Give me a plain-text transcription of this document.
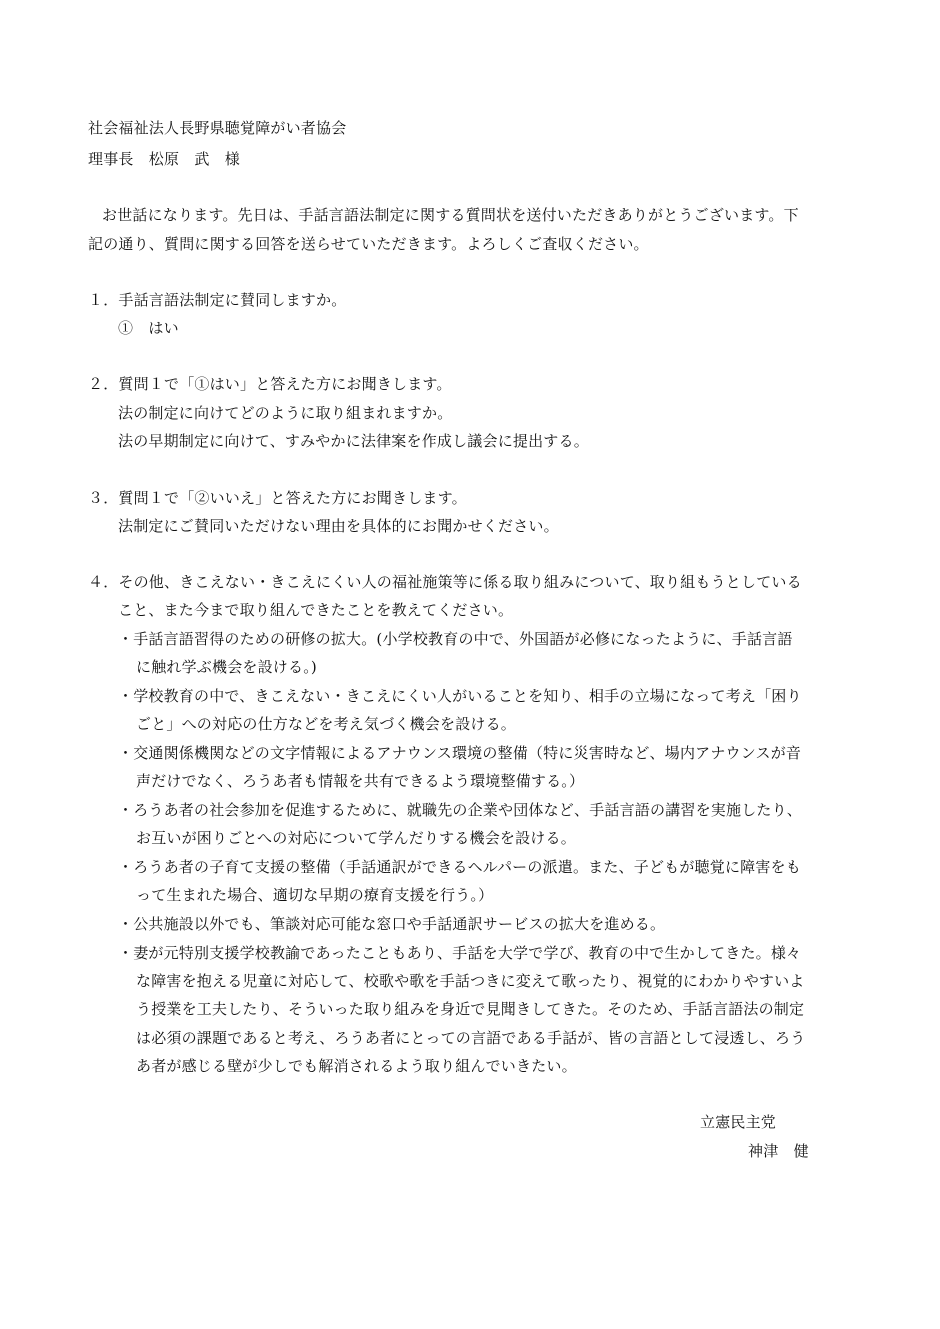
社会福祉法人長野県聴覚障がい者協会
理事長　松原　武　様
お世話になります。先日は、手話言語法制定に関する質問状を送付いただきありがとうございます。下
記の通り、質問に関する回答を送らせていただきます。よろしくご査収ください。
１．手話言語法制定に賛同しますか。
①　はい
２．質問１で「①はい」と答えた方にお聞きします。
法の制定に向けてどのように取り組まれますか。
法の早期制定に向けて、すみやかに法律案を作成し議会に提出する。
３．質問１で「②いいえ」と答えた方にお聞きします。
法制定にご賛同いただけない理由を具体的にお聞かせください。
４．その他、きこえない・きこえにくい人の福祉施策等に係る取り組みについて、取り組もうとしている
こと、また今まで取り組んできたことを教えてください。
・手話言語習得のための研修の拡大。(小学校教育の中で、外国語が必修になったように、手話言語
に触れ学ぶ機会を設ける。)
・学校教育の中で、きこえない・きこえにくい人がいることを知り、相手の立場になって考え「困り
ごと」への対応の仕方などを考え気づく機会を設ける。
・交通関係機関などの文字情報によるアナウンス環境の整備（特に災害時など、場内アナウンスが音
声だけでなく、ろうあ者も情報を共有できるよう環境整備する。）
・ろうあ者の社会参加を促進するために、就職先の企業や団体など、手話言語の講習を実施したり、
お互いが困りごとへの対応について学んだりする機会を設ける。
・ろうあ者の子育て支援の整備（手話通訳ができるヘルパーの派遣。また、子どもが聴覚に障害をも
って生まれた場合、適切な早期の療育支援を行う。）
・公共施設以外でも、筆談対応可能な窓口や手話通訳サービスの拡大を進める。
・妻が元特別支援学校教諭であったこともあり、手話を大学で学び、教育の中で生かしてきた。様々
な障害を抱える児童に対応して、校歌や歌を手話つきに変えて歌ったり、視覚的にわかりやすいよ
う授業を工夫したり、そういった取り組みを身近で見聞きしてきた。そのため、手話言語法の制定
は必須の課題であると考え、ろうあ者にとっての言語である手話が、皆の言語として浸透し、ろう
あ者が感じる壁が少しでも解消されるよう取り組んでいきたい。
立憲民主党
神津　健
